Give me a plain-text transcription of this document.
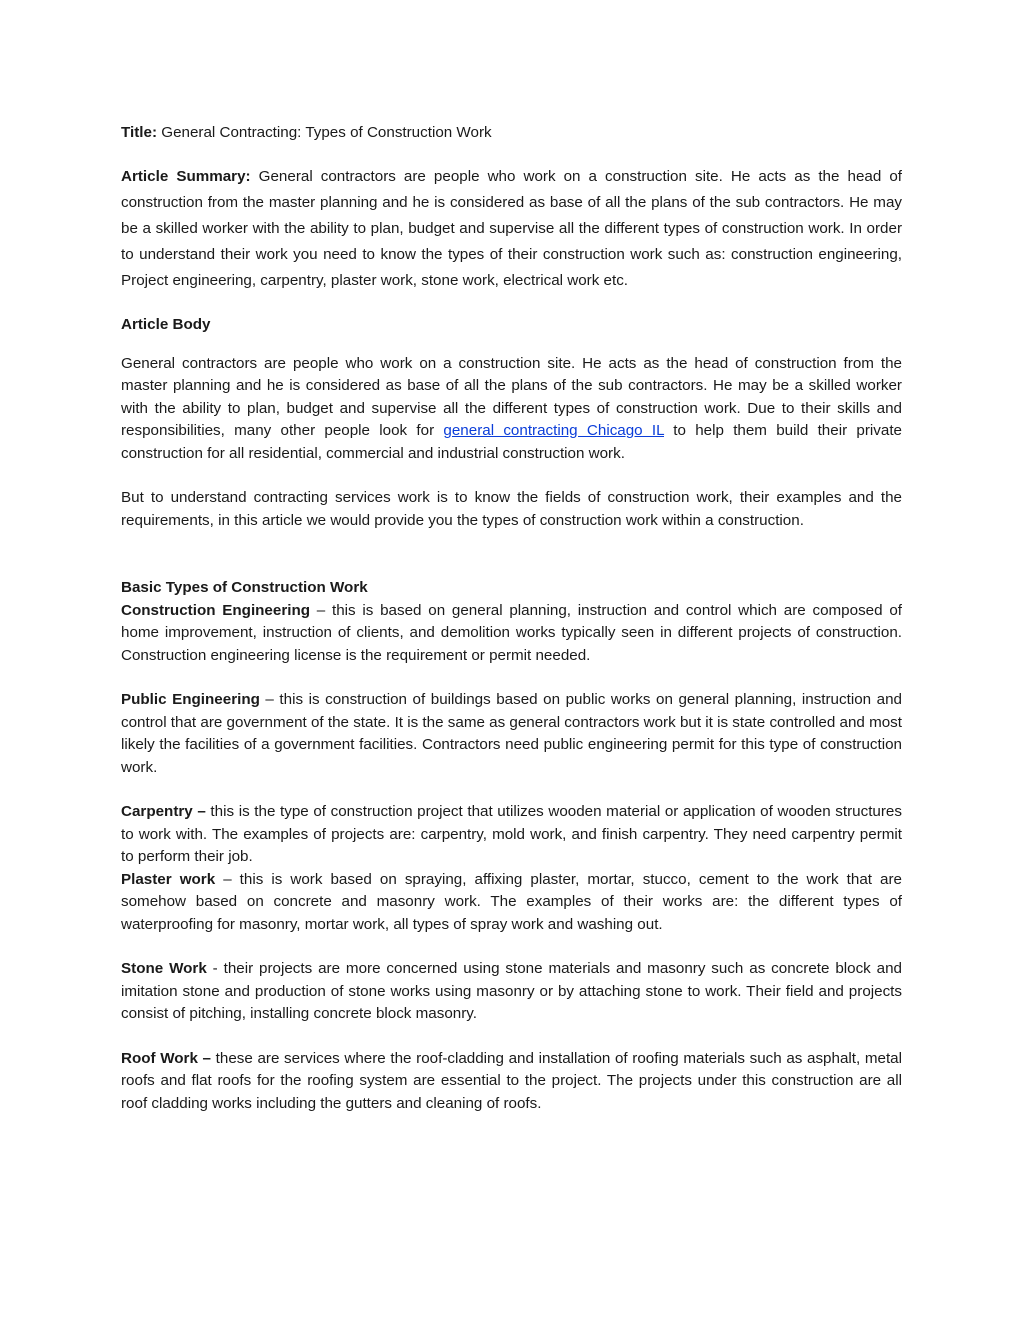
Title: General Contracting: Types of Construction Work

Article Summary: General contractors are people who work on a construction site. He acts as the head of construction from the master planning and he is considered as base of all the plans of the sub contractors. He may be a skilled worker with the ability to plan, budget and supervise all the different types of construction work. In order to understand their work you need to know the types of their construction work such as: construction engineering, Project engineering, carpentry, plaster work, stone work, electrical work etc.

Article Body

General contractors are people who work on a construction site. He acts as the head of construction from the master planning and he is considered as base of all the plans of the sub contractors. He may be a skilled worker with the ability to plan, budget and supervise all the different types of construction work. Due to their skills and responsibilities, many other people look for general contracting Chicago IL to help them build their private construction for all residential, commercial and industrial construction work.

But to understand contracting services work is to know the fields of construction work, their examples and the requirements, in this article we would provide you the types of construction work within a construction.

Basic Types of Construction Work

Construction Engineering – this is based on general planning, instruction and control which are composed of home improvement, instruction of clients, and demolition works typically seen in different projects of construction. Construction engineering license is the requirement or permit needed.

Public Engineering – this is construction of buildings based on public works on general planning, instruction and control that are government of the state. It is the same as general contractors work but it is state controlled and most likely the facilities of a government facilities. Contractors need public engineering permit for this type of construction work.

Carpentry – this is the type of construction project that utilizes wooden material or application of wooden structures to work with. The examples of projects are: carpentry, mold work, and finish carpentry. They need carpentry permit to perform their job.

Plaster work – this is work based on spraying, affixing plaster, mortar, stucco, cement to the work that are somehow based on concrete and masonry work. The examples of their works are: the different types of waterproofing for masonry, mortar work, all types of spray work and washing out.

Stone Work - their projects are more concerned using stone materials and masonry such as concrete block and imitation stone and production of stone works using masonry or by attaching stone to work. Their field and projects consist of pitching, installing concrete block masonry.

Roof Work – these are services where the roof-cladding and installation of roofing materials such as asphalt, metal roofs and flat roofs for the roofing system are essential to the project. The projects under this construction are all roof cladding works including the gutters and cleaning of roofs.
